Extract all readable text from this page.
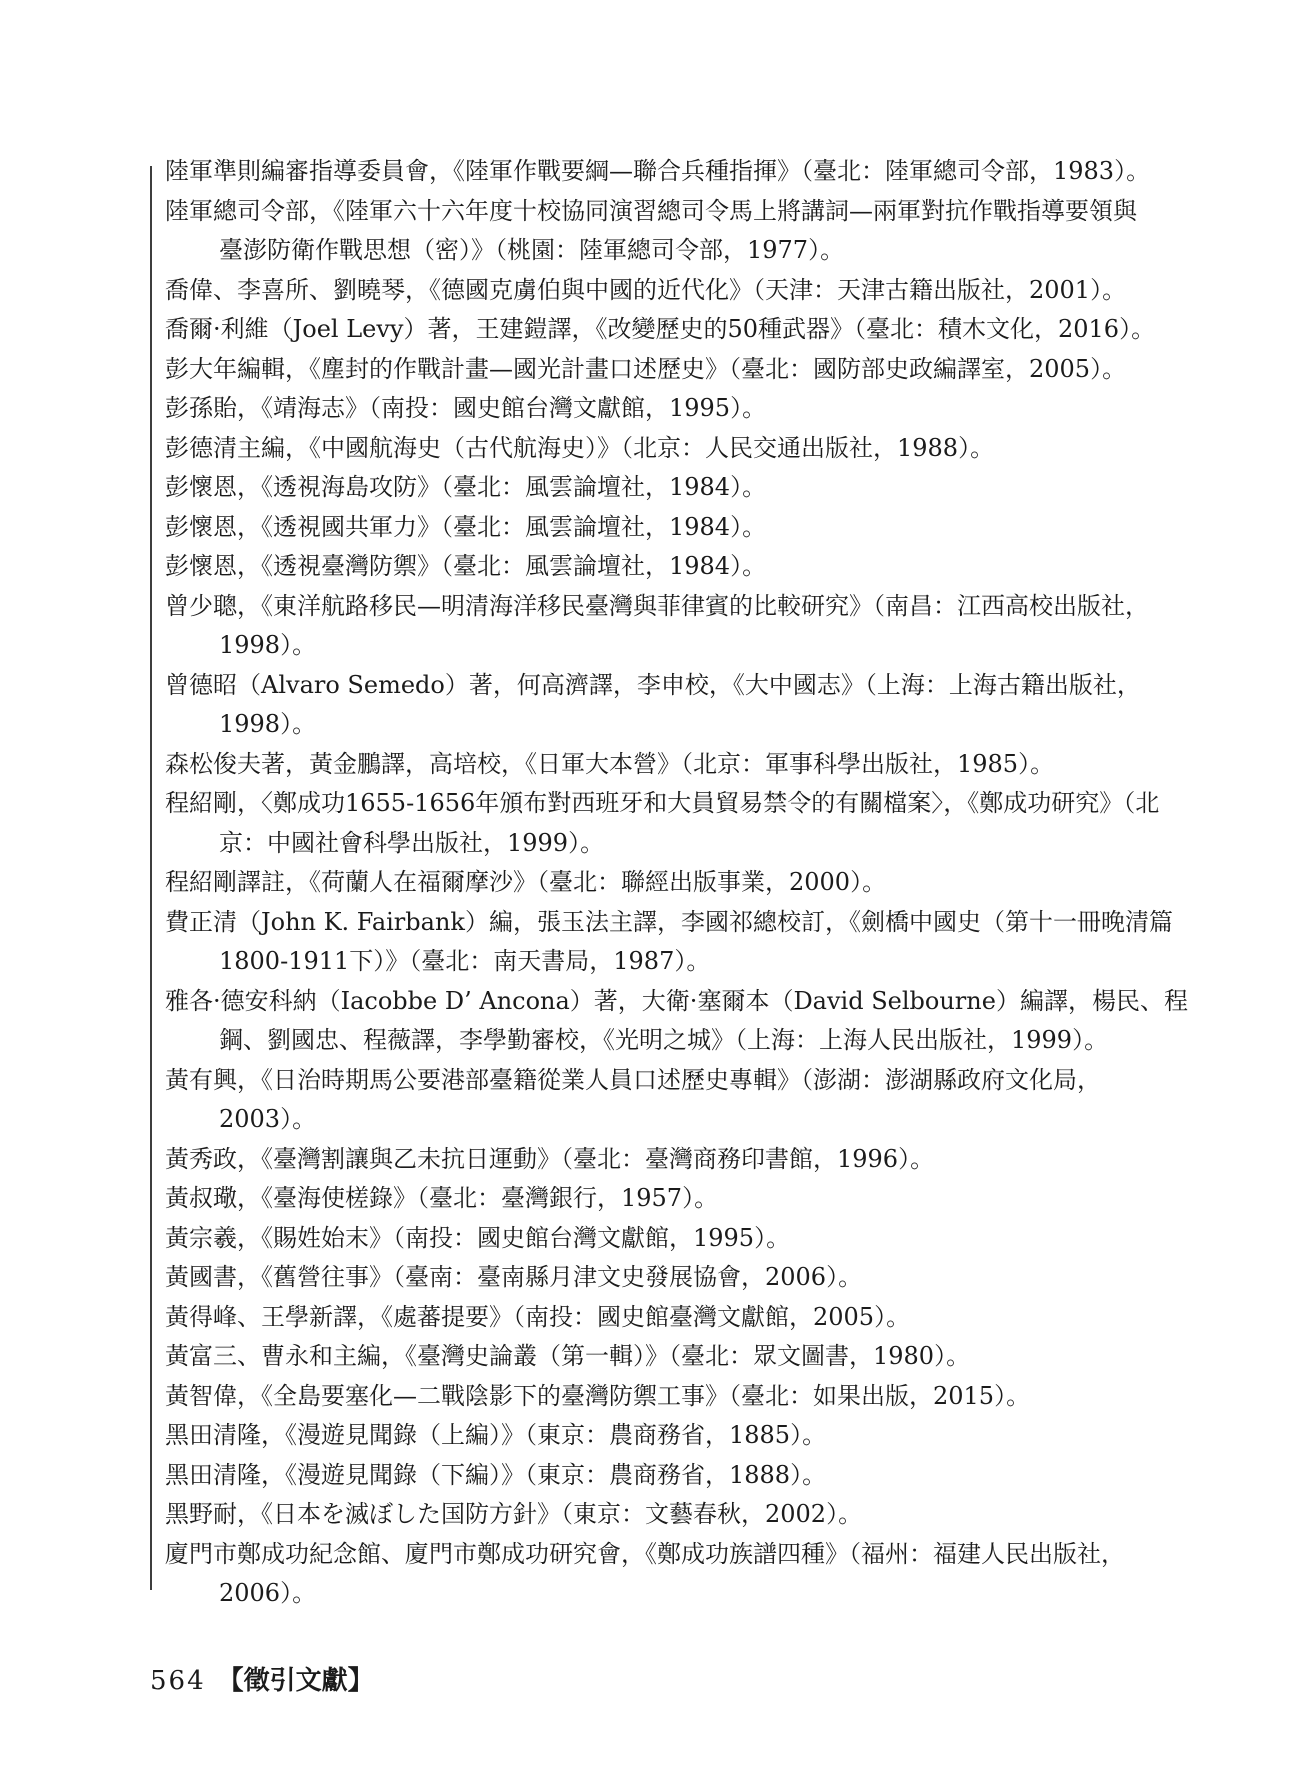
陸軍準則編審指導委員會，《陸軍作戰要綱—聯合兵種指揮》（臺北：陸軍總司令部，1983）。
陸軍總司令部，《陸軍六十六年度十校協同演習總司令馬上將講詞—兩軍對抗作戰指導要領與
臺澎防衛作戰思想（密）》（桃園：陸軍總司令部，1977）。
喬偉、李喜所、劉曉琴，《德國克虜伯與中國的近代化》（天津：天津古籍出版社，2001）。
喬爾·利維（Joel Levy）著，王建鎧譯，《改變歷史的50種武器》（臺北：積木文化，2016）。
彭大年編輯，《塵封的作戰計畫—國光計畫口述歷史》（臺北：國防部史政編譯室，2005）。
彭孫貽，《靖海志》（南投：國史館台灣文獻館，1995）。
彭德清主編，《中國航海史（古代航海史）》（北京：人民交通出版社，1988）。
彭懷恩，《透視海島攻防》（臺北：風雲論壇社，1984）。
彭懷恩，《透視國共軍力》（臺北：風雲論壇社，1984）。
彭懷恩，《透視臺灣防禦》（臺北：風雲論壇社，1984）。
曾少聰，《東洋航路移民—明清海洋移民臺灣與菲律賓的比較研究》（南昌：江西高校出版社，
1998）。
曾德昭（Alvaro Semedo）著，何高濟譯，李申校，《大中國志》（上海：上海古籍出版社，
1998）。
森松俊夫著，黃金鵬譯，高培校，《日軍大本營》（北京：軍事科學出版社，1985）。
程紹剛，〈鄭成功1655-1656年頒布對西班牙和大員貿易禁令的有關檔案〉，《鄭成功研究》（北
京：中國社會科學出版社，1999）。
程紹剛譯註，《荷蘭人在福爾摩沙》（臺北：聯經出版事業，2000）。
費正清（John K. Fairbank）編，張玉法主譯，李國祁總校訂，《劍橋中國史（第十一冊晚清篇
1800-1911下）》（臺北：南天書局，1987）。
雅各·德安科納（Iacobbe D’ Ancona）著，大衛·塞爾本（David Selbourne）編譯，楊民、程
鋼、劉國忠、程薇譯，李學勤審校，《光明之城》（上海：上海人民出版社，1999）。
黃有興，《日治時期馬公要港部臺籍從業人員口述歷史專輯》（澎湖：澎湖縣政府文化局，
2003）。
黃秀政，《臺灣割讓與乙未抗日運動》（臺北：臺灣商務印書館，1996）。
黃叔璥，《臺海使槎錄》（臺北：臺灣銀行，1957）。
黃宗羲，《賜姓始末》（南投：國史館台灣文獻館，1995）。
黃國書，《舊營往事》（臺南：臺南縣月津文史發展協會，2006）。
黃得峰、王學新譯，《處蕃提要》（南投：國史館臺灣文獻館，2005）。
黃富三、曹永和主編，《臺灣史論叢（第一輯）》（臺北：眾文圖書，1980）。
黃智偉，《全島要塞化—二戰陰影下的臺灣防禦工事》（臺北：如果出版，2015）。
黑田清隆，《漫遊見聞錄（上編）》（東京：農商務省，1885）。
黑田清隆，《漫遊見聞錄（下編）》（東京：農商務省，1888）。
黑野耐，《日本を滅ぼした国防方針》（東京：文藝春秋，2002）。
廈門市鄭成功紀念館、廈門市鄭成功研究會，《鄭成功族譜四種》（福州：福建人民出版社，
2006）。
564 【徵引文獻】
